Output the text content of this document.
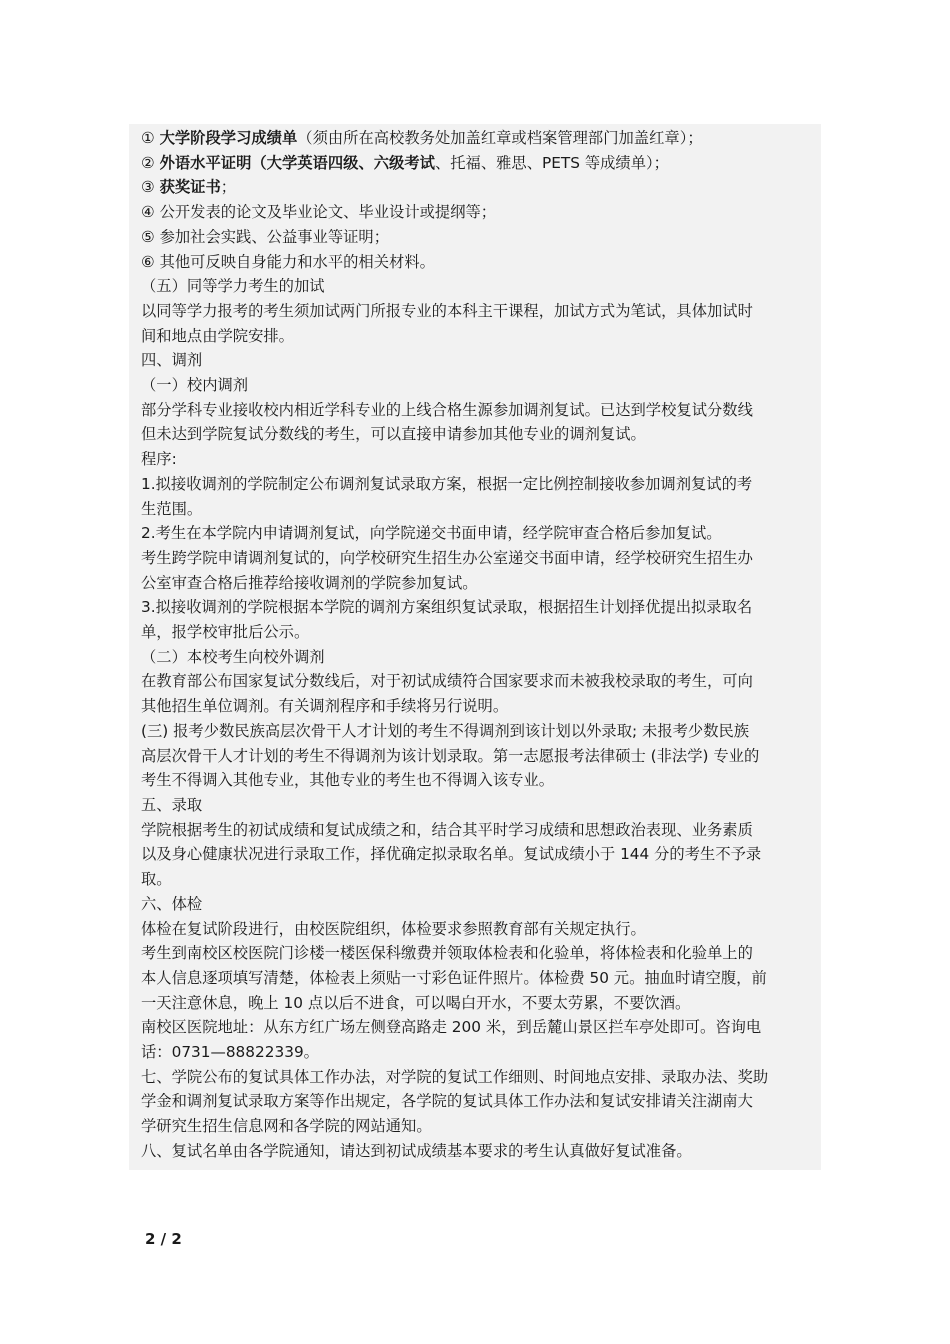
① 大学阶段学习成绩单（须由所在高校教务处加盖红章或档案管理部门加盖红章）；
② 外语水平证明（大学英语四级、六级考试、托福、雅思、PETS 等成绩单）；
③ 获奖证书；
④ 公开发表的论文及毕业论文、毕业设计或提纲等；
⑤ 参加社会实践、公益事业等证明；
⑥ 其他可反映自身能力和水平的相关材料。
（五）同等学力考生的加试
以同等学力报考的考生须加试两门所报专业的本科主干课程，加试方式为笔试，具体加试时
间和地点由学院安排。
四、调剂
（一）校内调剂
部分学科专业接收校内相近学科专业的上线合格生源参加调剂复试。已达到学校复试分数线
但未达到学院复试分数线的考生，可以直接申请参加其他专业的调剂复试。
程序:
1.拟接收调剂的学院制定公布调剂复试录取方案，根据一定比例控制接收参加调剂复试的考
生范围。
2.考生在本学院内申请调剂复试，向学院递交书面申请，经学院审查合格后参加复试。
考生跨学院申请调剂复试的，向学校研究生招生办公室递交书面申请，经学校研究生招生办
公室审查合格后推荐给接收调剂的学院参加复试。
3.拟接收调剂的学院根据本学院的调剂方案组织复试录取，根据招生计划择优提出拟录取名
单，报学校审批后公示。
（二）本校考生向校外调剂
在教育部公布国家复试分数线后，对于初试成绩符合国家要求而未被我校录取的考生，可向
其他招生单位调剂。有关调剂程序和手续将另行说明。
(三) 报考少数民族高层次骨干人才计划的考生不得调剂到该计划以外录取; 未报考少数民族
高层次骨干人才计划的考生不得调剂为该计划录取。第一志愿报考法律硕士 (非法学) 专业的
考生不得调入其他专业，其他专业的考生也不得调入该专业。
五、录取
学院根据考生的初试成绩和复试成绩之和，结合其平时学习成绩和思想政治表现、业务素质
以及身心健康状况进行录取工作，择优确定拟录取名单。复试成绩小于 144 分的考生不予录
取。
六、体检
体检在复试阶段进行，由校医院组织，体检要求参照教育部有关规定执行。
考生到南校区校医院门诊楼一楼医保科缴费并领取体检表和化验单，将体检表和化验单上的
本人信息逐项填写清楚，体检表上须贴一寸彩色证件照片。体检费 50 元。抽血时请空腹，前
一天注意休息，晚上 10 点以后不进食，可以喝白开水，不要太劳累，不要饮酒。
南校区医院地址：从东方红广场左侧登高路走 200 米，到岳麓山景区拦车亭处即可。咨询电
话：0731—88822339。
七、学院公布的复试具体工作办法，对学院的复试工作细则、时间地点安排、录取办法、奖助
学金和调剂复试录取方案等作出规定，各学院的复试具体工作办法和复试安排请关注湖南大
学研究生招生信息网和各学院的网站通知。
八、复试名单由各学院通知，请达到初试成绩基本要求的考生认真做好复试准备。
2 / 2
